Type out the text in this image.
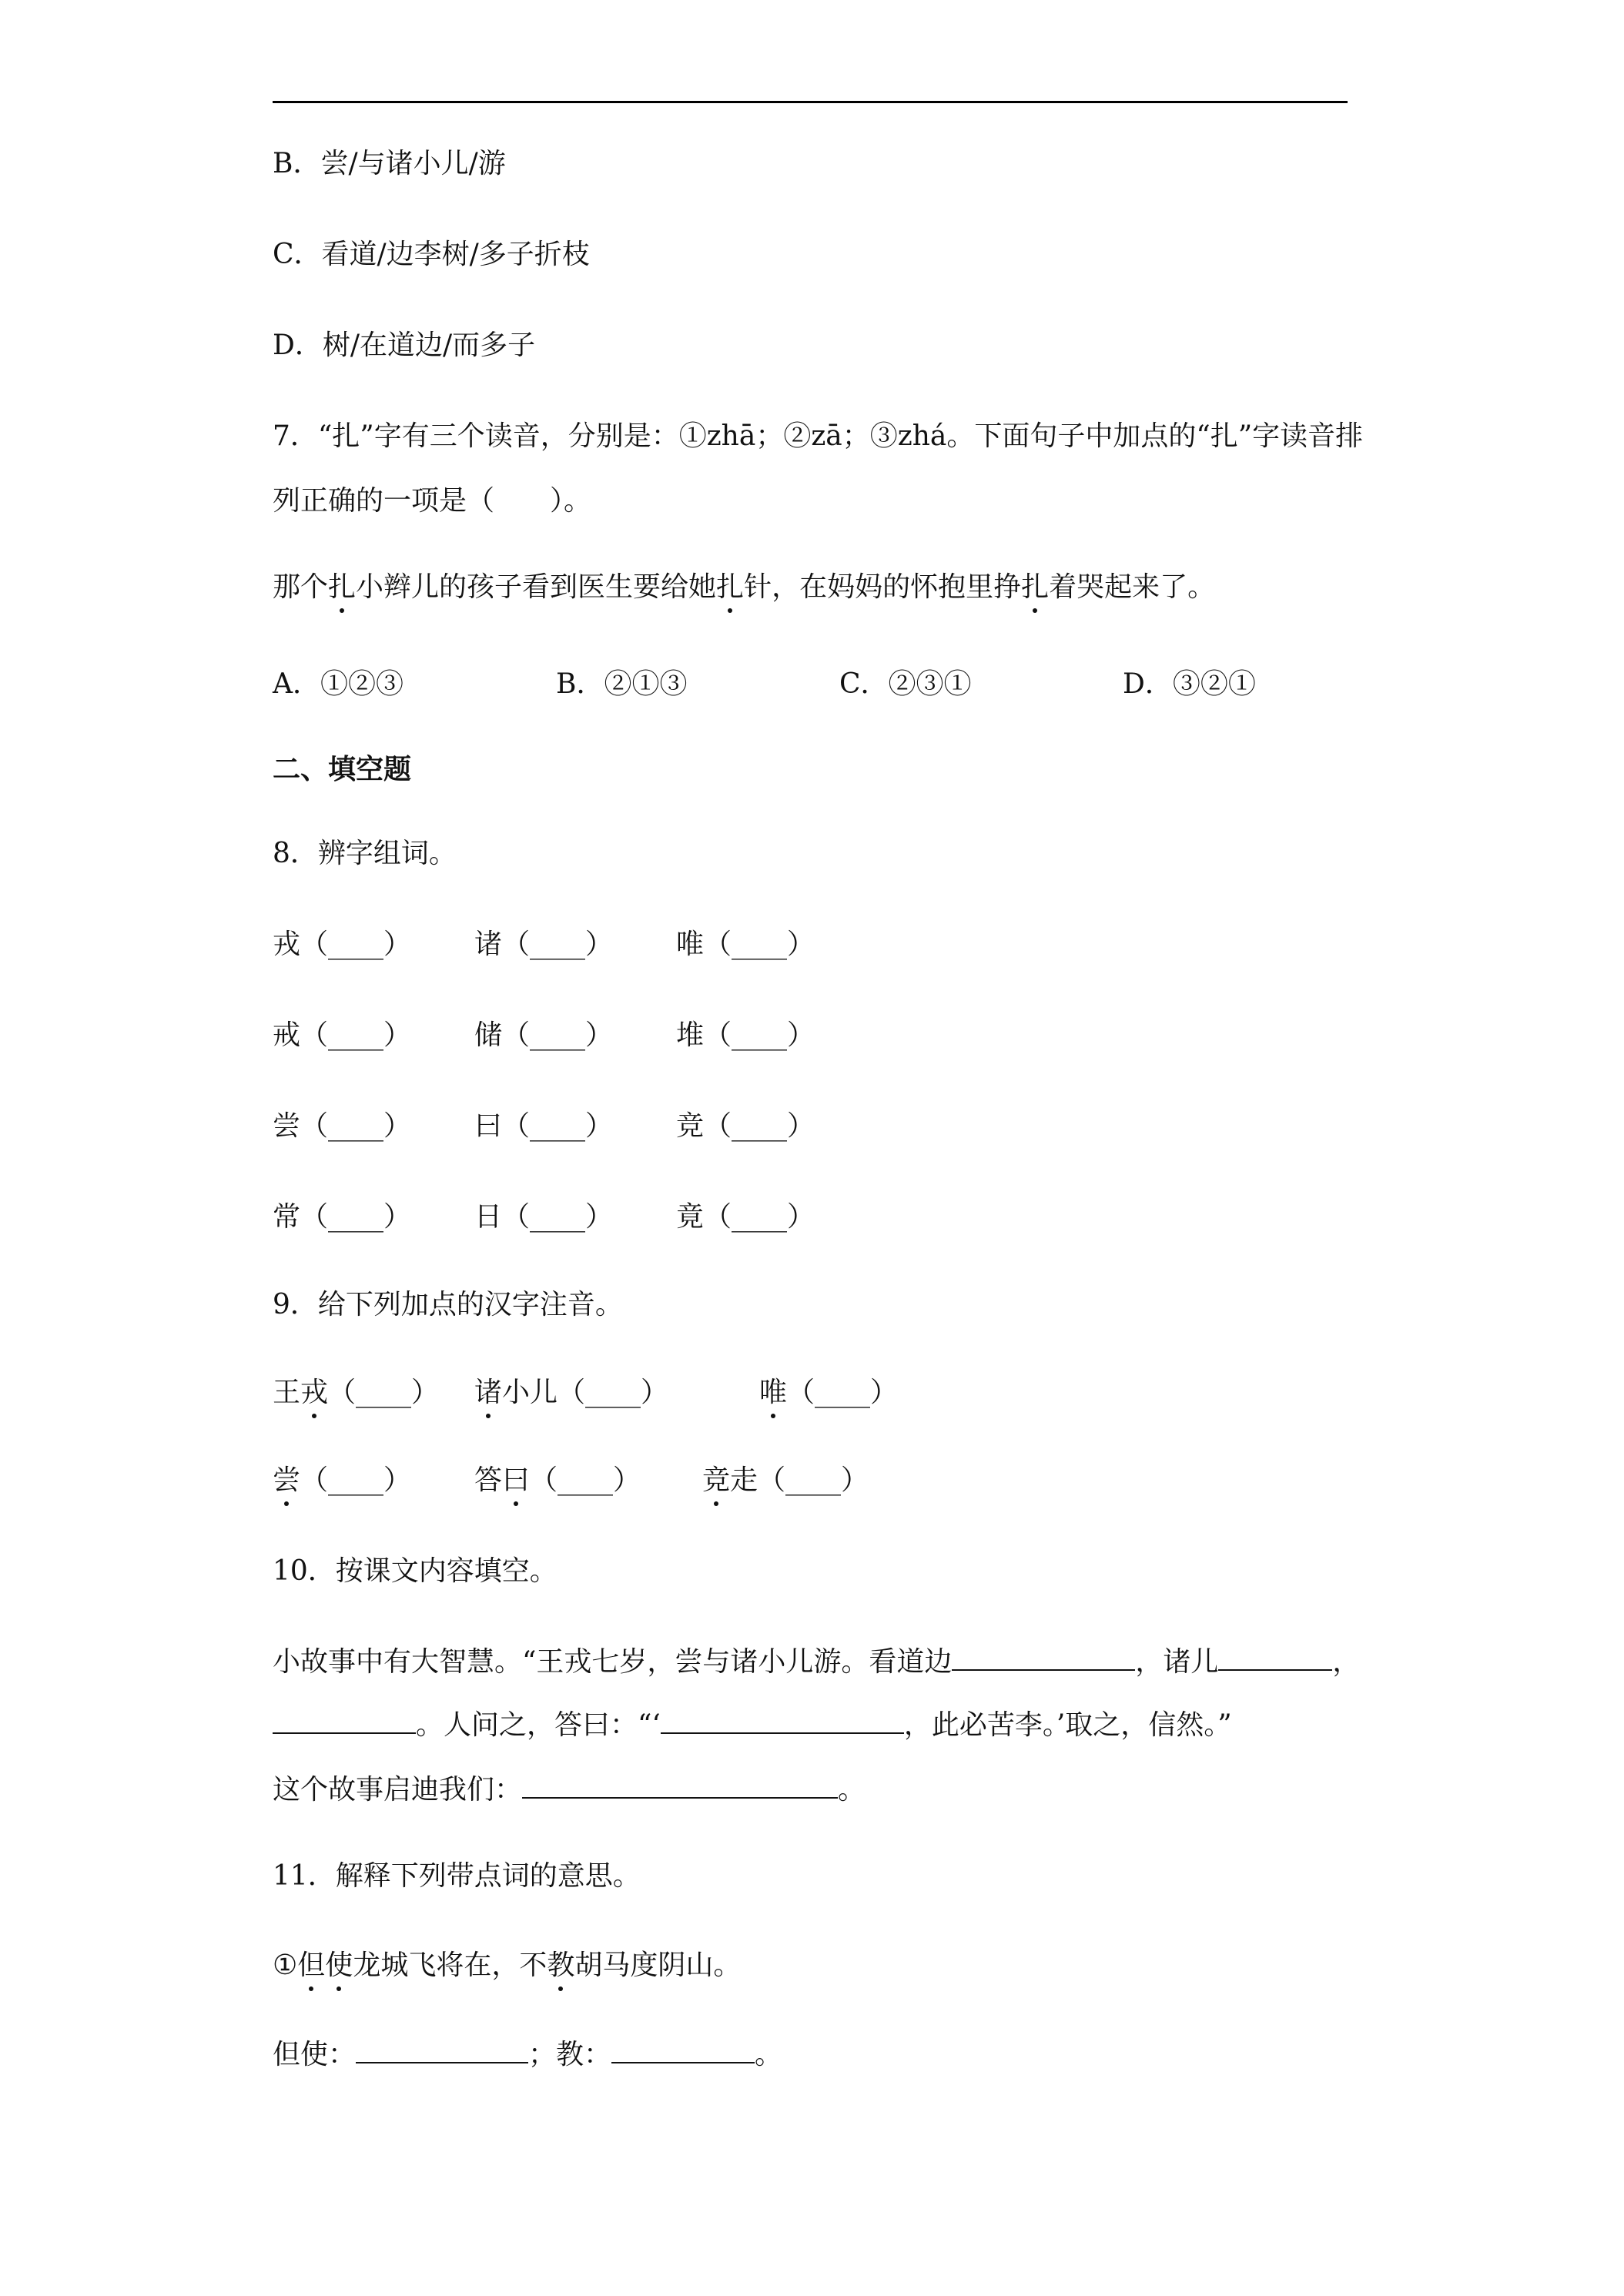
B．尝/与诸小儿/游
C．看道/边李树/多子折枝
D．树/在道边/而多子
7．“扎”字有三个读音，分别是：①zhā；②zā；③zhá。下面句子中加点的“扎”字读音排
列正确的一项是（　　）。
那个扎小辫儿的孩子看到医生要给她扎针，在妈妈的怀抱里挣扎着哭起来了。
A．①②③	B．②①③	C．②③①	D．③②①
二、填空题
8．辨字组词。
戎（____） 诸（____） 唯（____）
戒（____） 储（____） 堆（____）
尝（____） 曰（____） 竞（____）
常（____） 日（____） 竟（____）
9．给下列加点的汉字注音。
王戎（____） 诸小儿（____）	唯（____）
尝（____） 答曰（____） 竞走（____）
10．按课文内容填空。
小故事中有大智慧。“王戎七岁，尝与诸小儿游。看道边	，诸儿	，
。人问之，答曰：“‘	，此必苦李。’取之，信然。”
这个故事启迪我们：	。
11．解释下列带点词的意思。
①但使龙城飞将在，不教胡马度阴山。
但使：	；教：	。
